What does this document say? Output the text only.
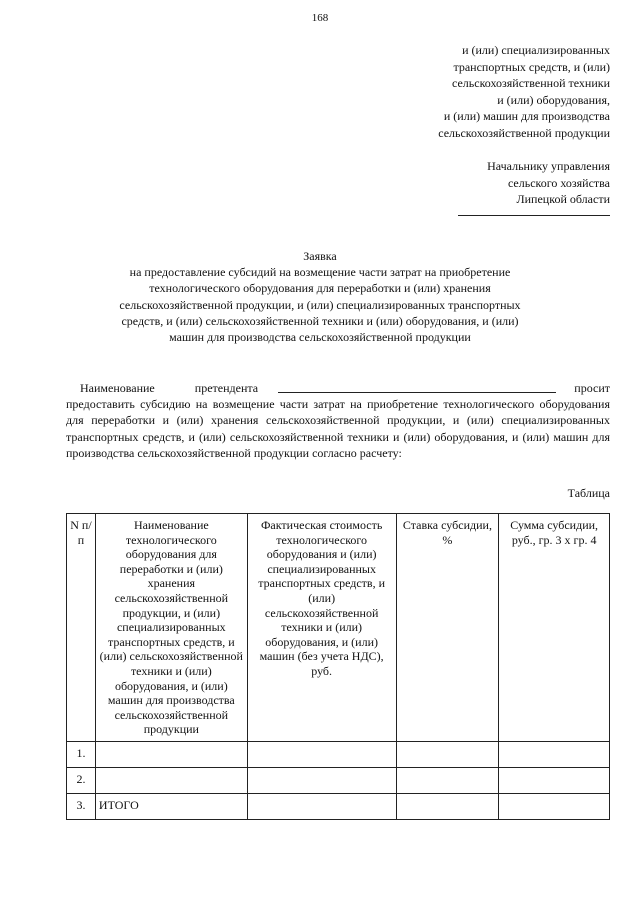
168
и (или) специализированных
транспортных средств, и (или)
сельскохозяйственной техники
и (или) оборудования,
и (или) машин для производства
сельскохозяйственной продукции
Начальнику управления
сельского хозяйства
Липецкой области
Заявка
на предоставление субсидий на возмещение части затрат на приобретение
технологического оборудования для переработки и (или) хранения
сельскохозяйственной продукции, и (или) специализированных транспортных
средств, и (или) сельскохозяйственной техники и (или) оборудования, и (или)
машин для производства сельскохозяйственной продукции
Наименование	претендента	просит
предоставить субсидию на возмещение части затрат на приобретение технологического оборудования для переработки и (или) хранения сельскохозяйственной продукции, и (или) специализированных транспортных средств, и (или) сельскохозяйственной техники и (или) оборудования, и (или) машин для производства сельскохозяйственной продукции согласно расчету:
Таблица
N п/п	Наименование технологического оборудования для переработки и (или) хранения сельскохозяйственной продукции, и (или) специализированных транспортных средств, и (или) сельскохозяйственной техники и (или) оборудования, и (или) машин для производства сельскохозяйственной продукции	Фактическая стоимость технологического оборудования и (или) специализированных транспортных средств, и (или) сельскохозяйственной техники и (или) оборудования, и (или) машин (без учета НДС), руб.	Ставка субсидии, %	Сумма субсидии, руб., гр. 3 x гр. 4
1.				
2.				
3.	ИТОГО			
